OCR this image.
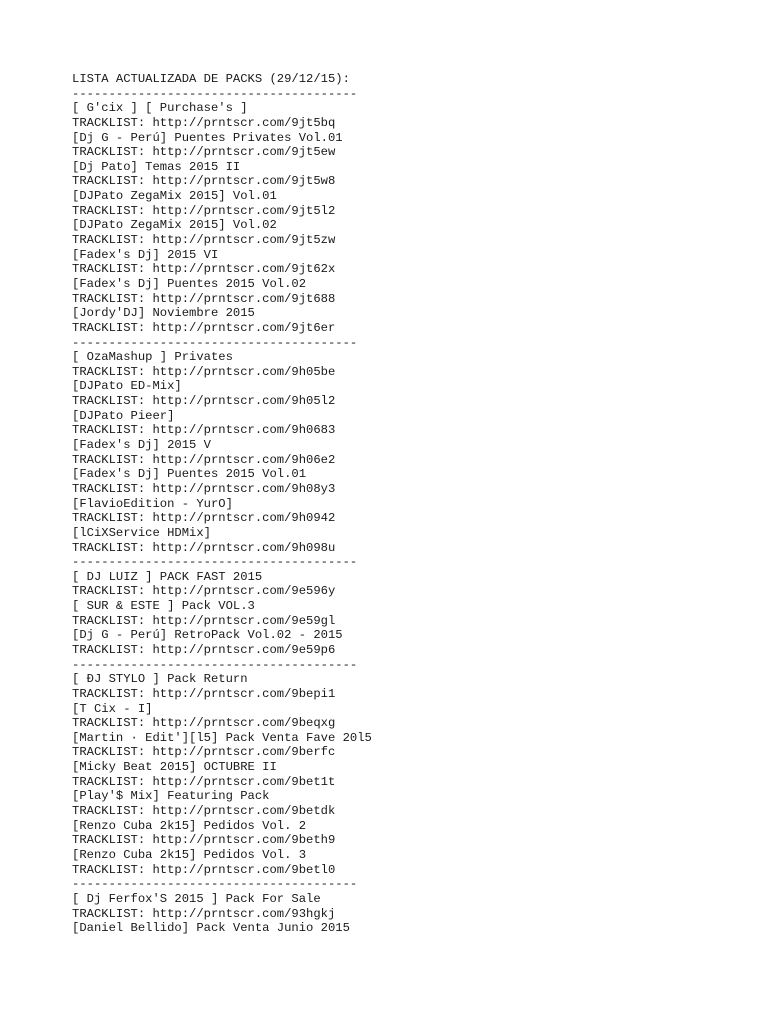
LISTA ACTUALIZADA DE PACKS (29/12/15):
---------------------------------------
[ G'cix ] [ Purchase's ]
TRACKLIST: http://prntscr.com/9jt5bq
[Dj G - Perú] Puentes Privates Vol.01
TRACKLIST: http://prntscr.com/9jt5ew
[Dj Pato] Temas 2015 II
TRACKLIST: http://prntscr.com/9jt5w8
[DJPato ZegaMix 2015] Vol.01
TRACKLIST: http://prntscr.com/9jt5l2
[DJPato ZegaMix 2015] Vol.02
TRACKLIST: http://prntscr.com/9jt5zw
[Fadex's Dj] 2015 VI
TRACKLIST: http://prntscr.com/9jt62x
[Fadex's Dj] Puentes 2015 Vol.02
TRACKLIST: http://prntscr.com/9jt688
[Jordy'DJ] Noviembre 2015
TRACKLIST: http://prntscr.com/9jt6er
---------------------------------------
[ OzaMashup ] Privates
TRACKLIST: http://prntscr.com/9h05be
[DJPato ED-Mix]
TRACKLIST: http://prntscr.com/9h05l2
[DJPato Pieer]
TRACKLIST: http://prntscr.com/9h0683
[Fadex's Dj] 2015 V
TRACKLIST: http://prntscr.com/9h06e2
[Fadex's Dj] Puentes 2015 Vol.01
TRACKLIST: http://prntscr.com/9h08y3
[FlavioEdition - YurO]
TRACKLIST: http://prntscr.com/9h0942
[lCiXService HDMix]
TRACKLIST: http://prntscr.com/9h098u
---------------------------------------
[ DJ LUIZ ] PACK FAST 2015
TRACKLIST: http://prntscr.com/9e596y
[ SUR & ESTE ] Pack VOL.3
TRACKLIST: http://prntscr.com/9e59gl
[Dj G - Perú] RetroPack Vol.02 - 2015
TRACKLIST: http://prntscr.com/9e59p6
---------------------------------------
[ ÐJ STYLO ] Pack Return
TRACKLIST: http://prntscr.com/9bepi1
[T Cix - I]
TRACKLIST: http://prntscr.com/9beqxg
[Martin · Edit'][l5] Pack Venta Fave 20l5
TRACKLIST: http://prntscr.com/9berfc
[Micky Beat 2015] OCTUBRE II
TRACKLIST: http://prntscr.com/9bet1t
[Play'$ Mix] Featuring Pack
TRACKLIST: http://prntscr.com/9betdk
[Renzo Cuba 2k15] Pedidos Vol. 2
TRACKLIST: http://prntscr.com/9beth9
[Renzo Cuba 2k15] Pedidos Vol. 3
TRACKLIST: http://prntscr.com/9betl0
---------------------------------------
[ Dj Ferfox'S 2015 ] Pack For Sale
TRACKLIST: http://prntscr.com/93hgkj
[Daniel Bellido] Pack Venta Junio 2015
